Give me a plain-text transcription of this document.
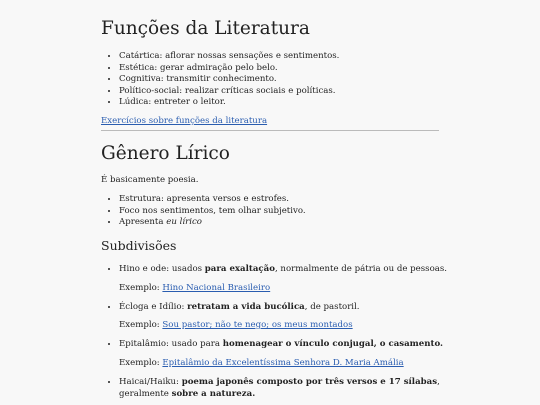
Funções da Literatura
• Catártica: aflorar nossas sensações e sentimentos.
• Estética: gerar admiração pelo belo.
• Cognitiva: transmitir conhecimento.
• Político-social: realizar críticas sociais e políticas.
• Lúdica: entreter o leitor.
Exercícios sobre funções da literatura
Gênero Lírico

É basicamente poesia.

• Estrutura: apresenta versos e estrofes.
• Foco nos sentimentos, tem olhar subjetivo.
• Apresenta eu lírico
Subdivisões
• Hino e ode: usados para exaltação, normalmente de pátria ou de pessoas.

Exemplo: Hino Nacional Brasileiro

• Écloga e Idílio: retratam a vida bucólica, de pastoril.

Exemplo: Sou pastor; não te nego; os meus montados

• Epitalâmio: usado para homenagear o vínculo conjugal, o casamento.

Exemplo: Epitalâmio da Excelentíssima Senhora D. Maria Amália

• Haicai/Haiku: poema japonês composto por três versos e 17 sílabas, geralmente sobre a natureza.
